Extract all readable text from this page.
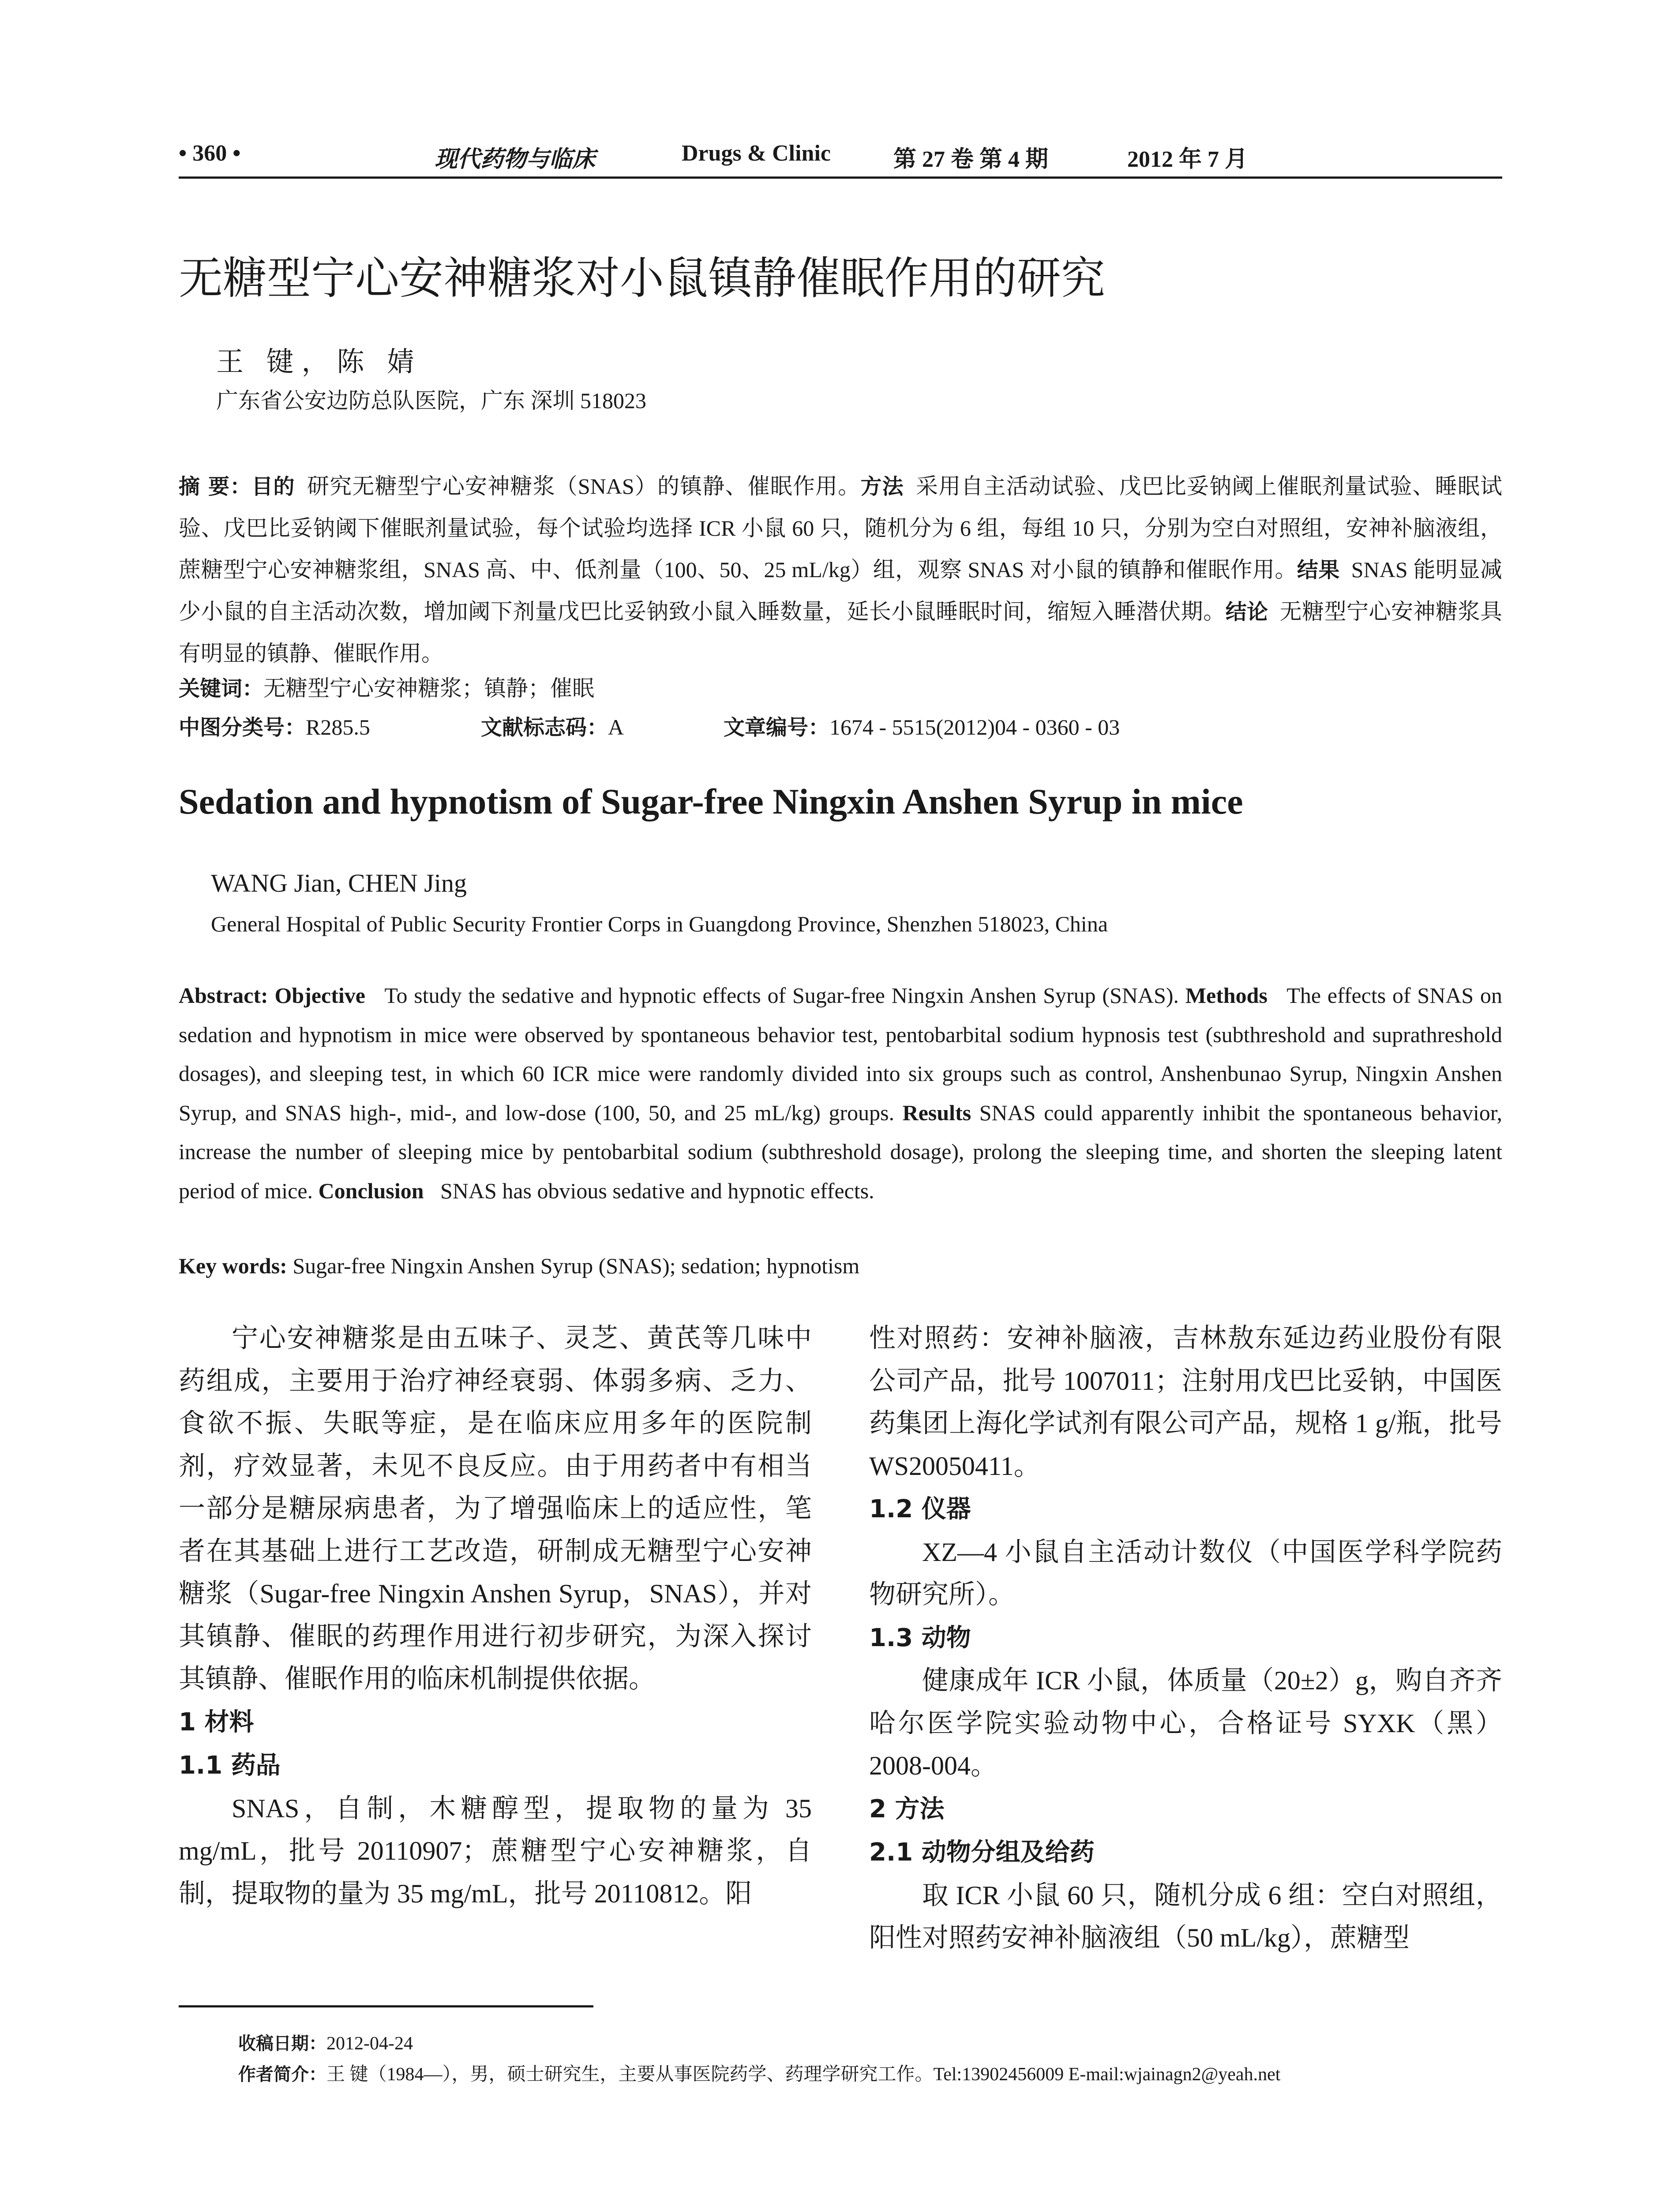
• 360 •	现代药物与临床	Drugs & Clinic	第 27 卷 第 4 期	2012 年 7 月
无糖型宁心安神糖浆对小鼠镇静催眠作用的研究
王 键，陈 婧
广东省公安边防总队医院，广东 深圳 518023
摘 要：目的 研究无糖型宁心安神糖浆（SNAS）的镇静、催眠作用。方法 采用自主活动试验、戊巴比妥钠阈上催眠剂量试验、睡眠试验、戊巴比妥钠阈下催眠剂量试验，每个试验均选择 ICR 小鼠 60 只，随机分为 6 组，每组 10 只，分别为空白对照组，安神补脑液组，蔗糖型宁心安神糖浆组，SNAS 高、中、低剂量（100、50、25 mL/kg）组，观察 SNAS 对小鼠的镇静和催眠作用。结果 SNAS 能明显减少小鼠的自主活动次数，增加阈下剂量戊巴比妥钠致小鼠入睡数量，延长小鼠睡眠时间，缩短入睡潜伏期。结论 无糖型宁心安神糖浆具有明显的镇静、催眠作用。
关键词：无糖型宁心安神糖浆；镇静；催眠
中图分类号：R285.5	文献标志码：A	文章编号：1674 - 5515(2012)04 - 0360 - 03
Sedation and hypnotism of Sugar-free Ningxin Anshen Syrup in mice
WANG Jian, CHEN Jing
General Hospital of Public Security Frontier Corps in Guangdong Province, Shenzhen 518023, China
Abstract: Objective To study the sedative and hypnotic effects of Sugar-free Ningxin Anshen Syrup (SNAS). Methods The effects of SNAS on sedation and hypnotism in mice were observed by spontaneous behavior test, pentobarbital sodium hypnosis test (subthreshold and suprathreshold dosages), and sleeping test, in which 60 ICR mice were randomly divided into six groups such as control, Anshenbunao Syrup, Ningxin Anshen Syrup, and SNAS high-, mid-, and low-dose (100, 50, and 25 mL/kg) groups. Results SNAS could apparently inhibit the spontaneous behavior, increase the number of sleeping mice by pentobarbital sodium (subthreshold dosage), prolong the sleeping time, and shorten the sleeping latent period of mice. Conclusion SNAS has obvious sedative and hypnotic effects.
Key words: Sugar-free Ningxin Anshen Syrup (SNAS); sedation; hypnotism

宁心安神糖浆是由五味子、灵芝、黄芪等几味中药组成，主要用于治疗神经衰弱、体弱多病、乏力、食欲不振、失眠等症，是在临床应用多年的医院制剂，疗效显著，未见不良反应。由于用药者中有相当一部分是糖尿病患者，为了增强临床上的适应性，笔者在其基础上进行工艺改造，研制成无糖型宁心安神糖浆（Sugar-free Ningxin Anshen Syrup，SNAS），并对其镇静、催眠的药理作用进行初步研究，为深入探讨其镇静、催眠作用的临床机制提供依据。

1 材料

1.1 药品

SNAS，自制，木糖醇型，提取物的量为 35 mg/mL，批号 20110907；蔗糖型宁心安神糖浆，自制，提取物的量为 35 mg/mL，批号 20110812。阳

性对照药：安神补脑液，吉林敖东延边药业股份有限公司产品，批号 1007011；注射用戊巴比妥钠，中国医药集团上海化学试剂有限公司产品，规格 1 g/瓶，批号 WS20050411。

1.2 仪器

XZ—4 小鼠自主活动计数仪（中国医学科学院药物研究所）。

1.3 动物

健康成年 ICR 小鼠，体质量（20±2）g，购自齐齐哈尔医学院实验动物中心，合格证号 SYXK（黑）2008-004。

2 方法

2.1 动物分组及给药

取 ICR 小鼠 60 只，随机分成 6 组：空白对照组，阳性对照药安神补脑液组（50 mL/kg），蔗糖型

收稿日期：2012-04-24
作者简介：王 键（1984—），男，硕士研究生，主要从事医院药学、药理学研究工作。Tel:13902456009 E-mail:wjainagn2@yeah.net
